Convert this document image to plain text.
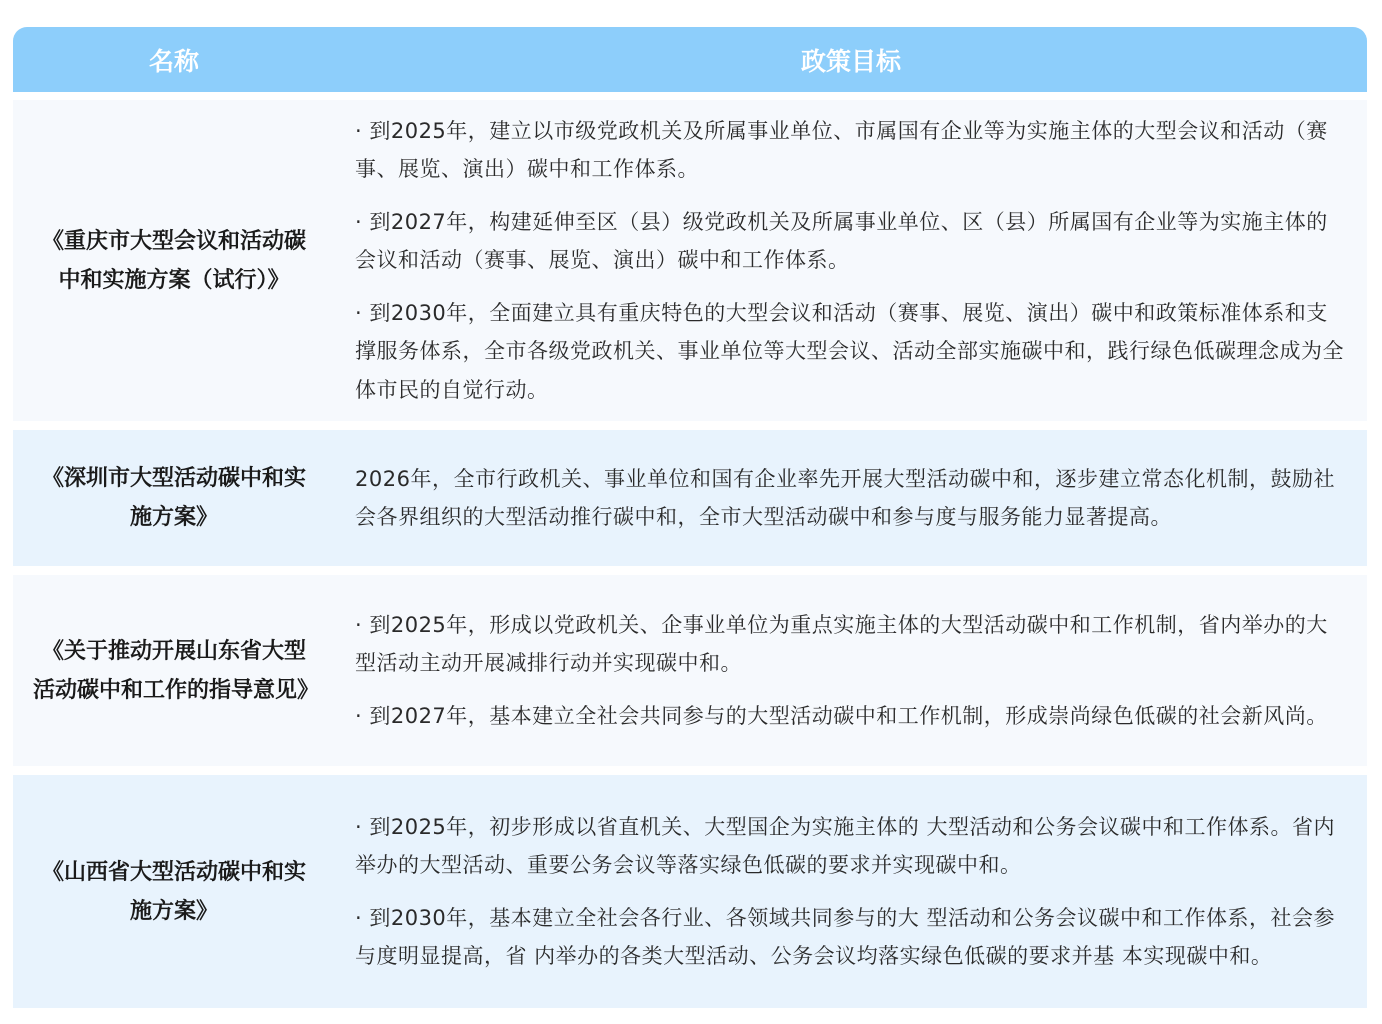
名称	政策目标
《重庆市大型会议和活动碳中和实施方案（试行）》

· 到2025年，建立以市级党政机关及所属事业单位、市属国有企业等为实施主体的大型会议和活动（赛事、展览、演出）碳中和工作体系。

· 到2027年，构建延伸至区（县）级党政机关及所属事业单位、区（县）所属国有企业等为实施主体的会议和活动（赛事、展览、演出）碳中和工作体系。

· 到2030年，全面建立具有重庆特色的大型会议和活动（赛事、展览、演出）碳中和政策标准体系和支撑服务体系，全市各级党政机关、事业单位等大型会议、活动全部实施碳中和，践行绿色低碳理念成为全体市民的自觉行动。

《深圳市大型活动碳中和实施方案》

2026年，全市行政机关、事业单位和国有企业率先开展大型活动碳中和，逐步建立常态化机制，鼓励社会各界组织的大型活动推行碳中和，全市大型活动碳中和参与度与服务能力显著提高。

《关于推动开展山东省大型活动碳中和工作的指导意见》

· 到2025年，形成以党政机关、企事业单位为重点实施主体的大型活动碳中和工作机制，省内举办的大型活动主动开展减排行动并实现碳中和。

· 到2027年，基本建立全社会共同参与的大型活动碳中和工作机制，形成崇尚绿色低碳的社会新风尚。

《山西省大型活动碳中和实施方案》

· 到2025年，初步形成以省直机关、大型国企为实施主体的 大型活动和公务会议碳中和工作体系。省内举办的大型活动、重要公务会议等落实绿色低碳的要求并实现碳中和。

· 到2030年，基本建立全社会各行业、各领域共同参与的大 型活动和公务会议碳中和工作体系，社会参与度明显提高，省 内举办的各类大型活动、公务会议均落实绿色低碳的要求并基 本实现碳中和。
